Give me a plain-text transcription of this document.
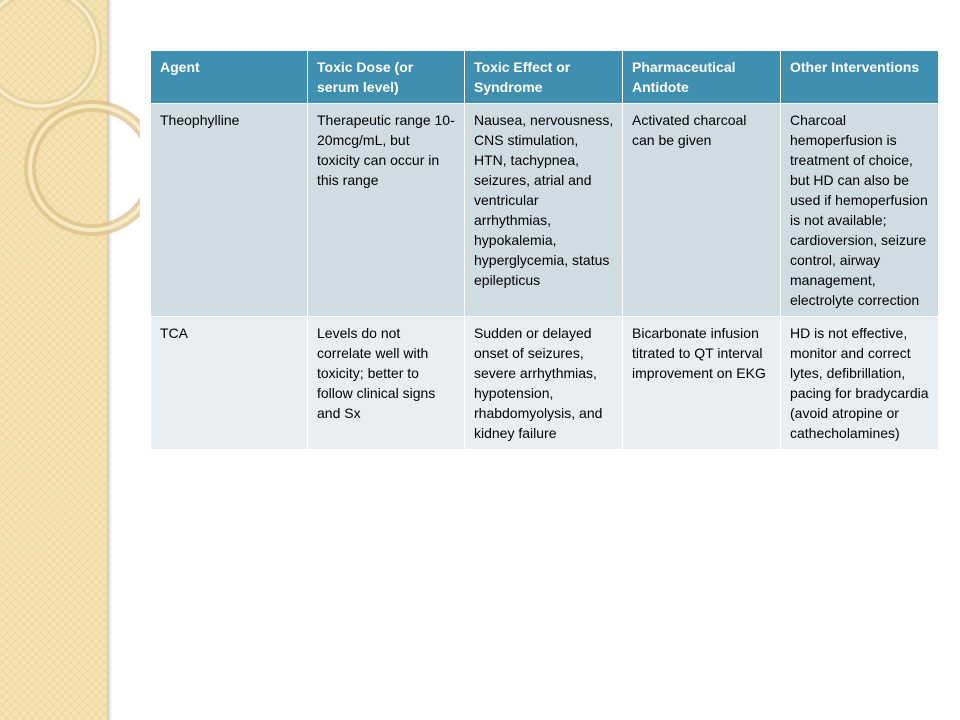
Agent	Toxic Dose (or serum level)	Toxic Effect or Syndrome	Pharmaceutical Antidote	Other Interventions
Theophylline	Therapeutic range 10-20mcg/mL, but toxicity can occur in this range	Nausea, nervousness, CNS stimulation, HTN, tachypnea, seizures, atrial and ventricular arrhythmias, hypokalemia, hyperglycemia, status epilepticus	Activated charcoal can be given	Charcoal hemoperfusion is treatment of choice, but HD can also be used if hemoperfusion is not available; cardioversion, seizure control, airway management, electrolyte correction
TCA	Levels do not correlate well with toxicity; better to follow clinical signs and Sx	Sudden or delayed onset of seizures, severe arrhythmias, hypotension, rhabdomyolysis, and kidney failure	Bicarbonate infusion titrated to QT interval improvement on EKG	HD is not effective, monitor and correct lytes, defibrillation, pacing for bradycardia (avoid atropine or cathecholamines)
